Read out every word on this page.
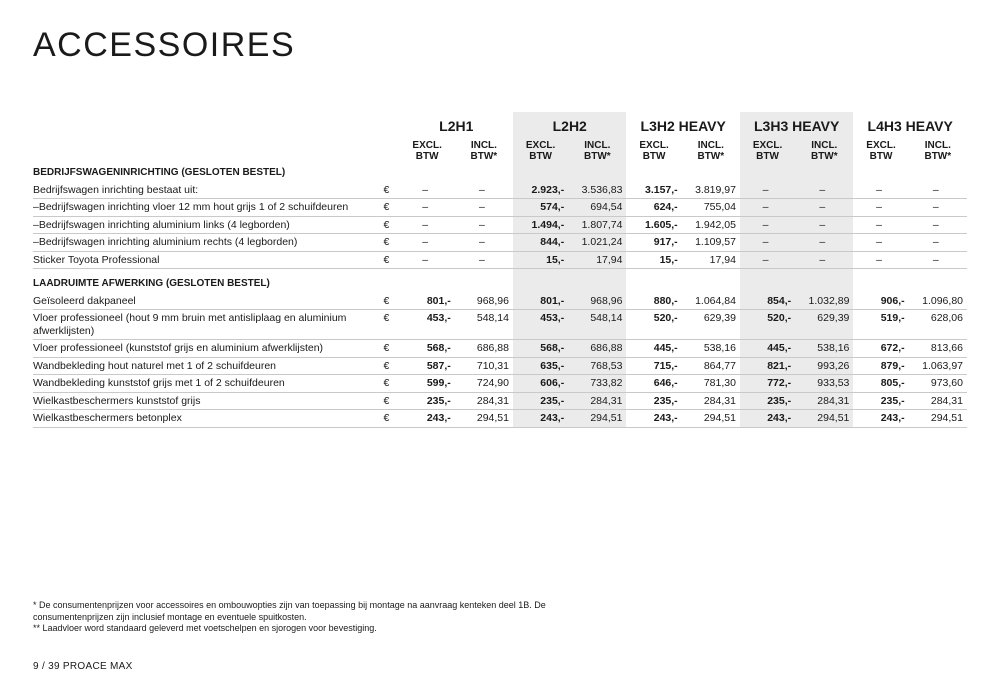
ACCESSOIRES
		L2H1		L2H2		L3H2 HEAVY		L3H3 HEAVY		L4H3 HEAVY	
		EXCL. BTW	INCL. BTW*	EXCL. BTW	INCL. BTW*	EXCL. BTW	INCL. BTW*	EXCL. BTW	INCL. BTW*	EXCL. BTW	INCL. BTW*
BEDRIJFSWAGENINRICHTING (GESLOTEN BESTEL)											
Bedrijfswagen inrichting bestaat uit:	€	–	–	2.923,-	3.536,83	3.157,-	3.819,97	–	–	–	–
–Bedrijfswagen inrichting vloer 12 mm hout grijs 1 of 2 schuifdeuren	€	–	–	574,-	694,54	624,-	755,04	–	–	–	–
–Bedrijfswagen inrichting aluminium links (4 legborden)	€	–	–	1.494,-	1.807,74	1.605,-	1.942,05	–	–	–	–
–Bedrijfswagen inrichting aluminium rechts (4 legborden)	€	–	–	844,-	1.021,24	917,-	1.109,57	–	–	–	–
Sticker Toyota Professional	€	–	–	15,-	17,94	15,-	17,94	–	–	–	–

LAADRUIMTE AFWERKING (GESLOTEN BESTEL)											
Geïsoleerd dakpaneel	€	801,-	968,96	801,-	968,96	880,-	1.064,84	854,-	1.032,89	906,-	1.096,80
Vloer professioneel (hout 9 mm bruin met antisliplaag en aluminium afwerklijsten)	€	453,-	548,14	453,-	548,14	520,-	629,39	520,-	629,39	519,-	628,06
Vloer professioneel (kunststof grijs en aluminium afwerklijsten)	€	568,-	686,88	568,-	686,88	445,-	538,16	445,-	538,16	672,-	813,66
Wandbekleding hout naturel met 1 of 2 schuifdeuren	€	587,-	710,31	635,-	768,53	715,-	864,77	821,-	993,26	879,-	1.063,97
Wandbekleding kunststof grijs met 1 of 2 schuifdeuren	€	599,-	724,90	606,-	733,82	646,-	781,30	772,-	933,53	805,-	973,60
Wielkastbeschermers kunststof grijs	€	235,-	284,31	235,-	284,31	235,-	284,31	235,-	284,31	235,-	284,31
Wielkastbeschermers betonplex	€	243,-	294,51	243,-	294,51	243,-	294,51	243,-	294,51	243,-	294,51

* De consumentenprijzen voor accessoires en ombouwopties zijn van toepassing bij montage na aanvraag kenteken deel 1B. De consumentenprijzen zijn inclusief montage en eventuele spuitkosten.

** Laadvloer word standaard geleverd met voetschelpen en sjorogen voor bevestiging.

9 / 39 PROACE MAX
